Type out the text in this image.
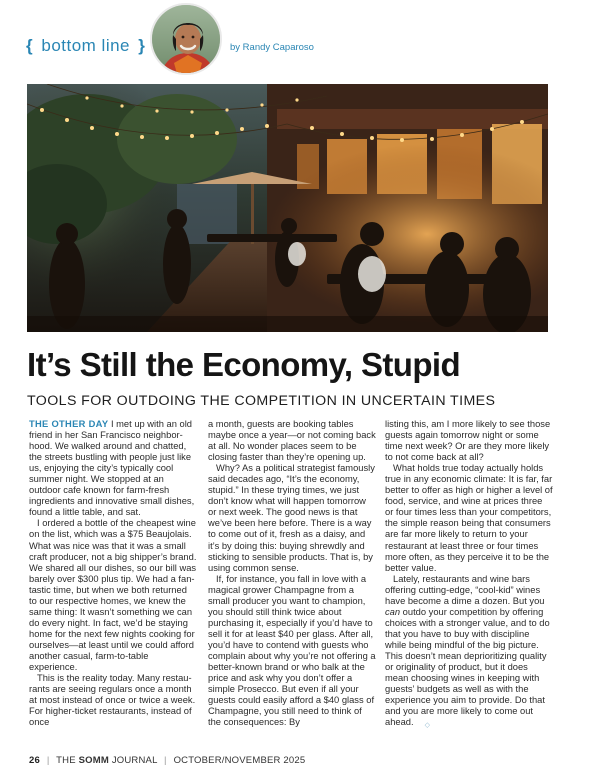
{ bottom line }	by Randy Caparoso
It’s Still the Economy, Stupid
TOOLS FOR OUTDOING THE COMPETITION IN UNCERTAIN TIMES

THE OTHER DAY I met up with an old friend in her San Francisco neighborhood. We walked around and chatted, the streets bustling with people just like us, enjoying the city’s typically cool summer night. We stopped at an outdoor cafe known for farm-fresh ingredients and innovative small dishes, found a little table, and sat.

I ordered a bottle of the cheapest wine on the list, which was a $75 Beaujolais. What was nice was that it was a small craft producer, not a big shipper’s brand. We shared all our dishes, so our bill was barely over $300 plus tip. We had a fantastic time, but when we both returned to our respective homes, we knew the same thing: It wasn’t something we can do every night. In fact, we’d be staying home for the next few nights cooking for ourselves—at least until we could afford another casual, farm-to-table experience.

This is the reality today. Many restaurants are seeing regulars once a month at most instead of once or twice a week. For higher-ticket restaurants, instead of once

a month, guests are booking tables maybe once a year—or not coming back at all. No wonder places seem to be closing faster than they’re opening up.

Why? As a political strategist famously said decades ago, “It’s the economy, stupid.” In these trying times, we just don’t know what will happen tomorrow or next week. The good news is that we’ve been here before. There is a way to come out of it, fresh as a daisy, and it’s by doing this: buying shrewdly and sticking to sensible products. That is, by using common sense.

If, for instance, you fall in love with a magical grower Champagne from a small producer you want to champion, you should still think twice about purchasing it, especially if you’d have to sell it for at least $40 per glass. After all, you’d have to contend with guests who complain about why you’re not offering a better-known brand or who balk at the price and ask why you don’t offer a simple Prosecco. But even if all your guests could easily afford a $40 glass of Champagne, you still need to think of the consequences: By

listing this, am I more likely to see those guests again tomorrow night or some time next week? Or are they more likely to not come back at all?

What holds true today actually holds true in any economic climate: It is far, far better to offer as high or higher a level of food, service, and wine at prices three or four times less than your competitors, the simple reason being that consumers are far more likely to return to your restaurant at least three or four times more often, as they perceive it to be the better value.

Lately, restaurants and wine bars offering cutting-edge, “cool-kid” wines have become a dime a dozen. But you can outdo your competition by offering choices with a stronger value, and to do that you have to buy with discipline while being mindful of the big picture. This doesn’t mean deprioritizing quality or originality of product, but it does mean choosing wines in keeping with guests’ budgets as well as with the experience you aim to provide. Do that and you are more likely to come out ahead. ◇

26 | THE SOMM JOURNAL | OCTOBER/NOVEMBER 2025
